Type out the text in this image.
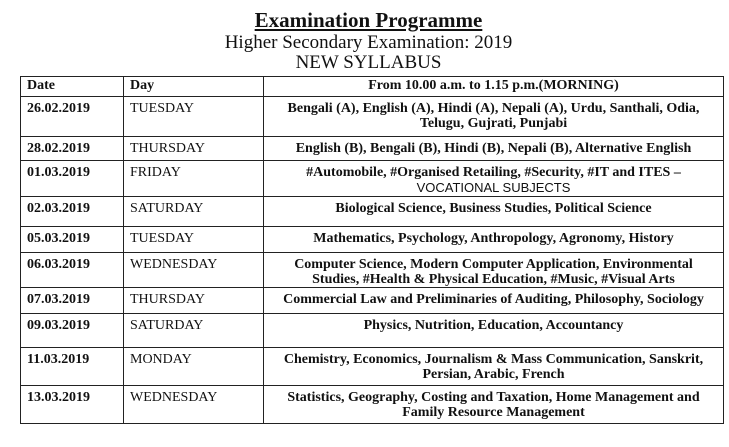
Examination Programme
Higher Secondary Examination: 2019
NEW SYLLABUS
Date	Day	From 10.00 a.m. to 1.15 p.m.(MORNING)
26.02.2019	TUESDAY	Bengali (A), English (A), Hindi (A), Nepali (A), Urdu, Santhali, Odia, Telugu, Gujrati, Punjabi
28.02.2019	THURSDAY	English (B), Bengali (B), Hindi (B), Nepali (B), Alternative English
01.03.2019	FRIDAY	#Automobile, #Organised Retailing, #Security, #IT and ITES –
VOCATIONAL SUBJECTS

02.03.2019	SATURDAY	Biological Science, Business Studies, Political Science
05.03.2019	TUESDAY	Mathematics, Psychology, Anthropology, Agronomy, History
06.03.2019	WEDNESDAY	Computer Science, Modern Computer Application, Environmental Studies, #Health & Physical Education, #Music, #Visual Arts
07.03.2019	THURSDAY	Commercial Law and Preliminaries of Auditing, Philosophy, Sociology
09.03.2019	SATURDAY	Physics, Nutrition, Education, Accountancy
11.03.2019	MONDAY	Chemistry, Economics, Journalism & Mass Communication, Sanskrit, Persian, Arabic, French
13.03.2019	WEDNESDAY	Statistics, Geography, Costing and Taxation, Home Management and Family Resource Management
